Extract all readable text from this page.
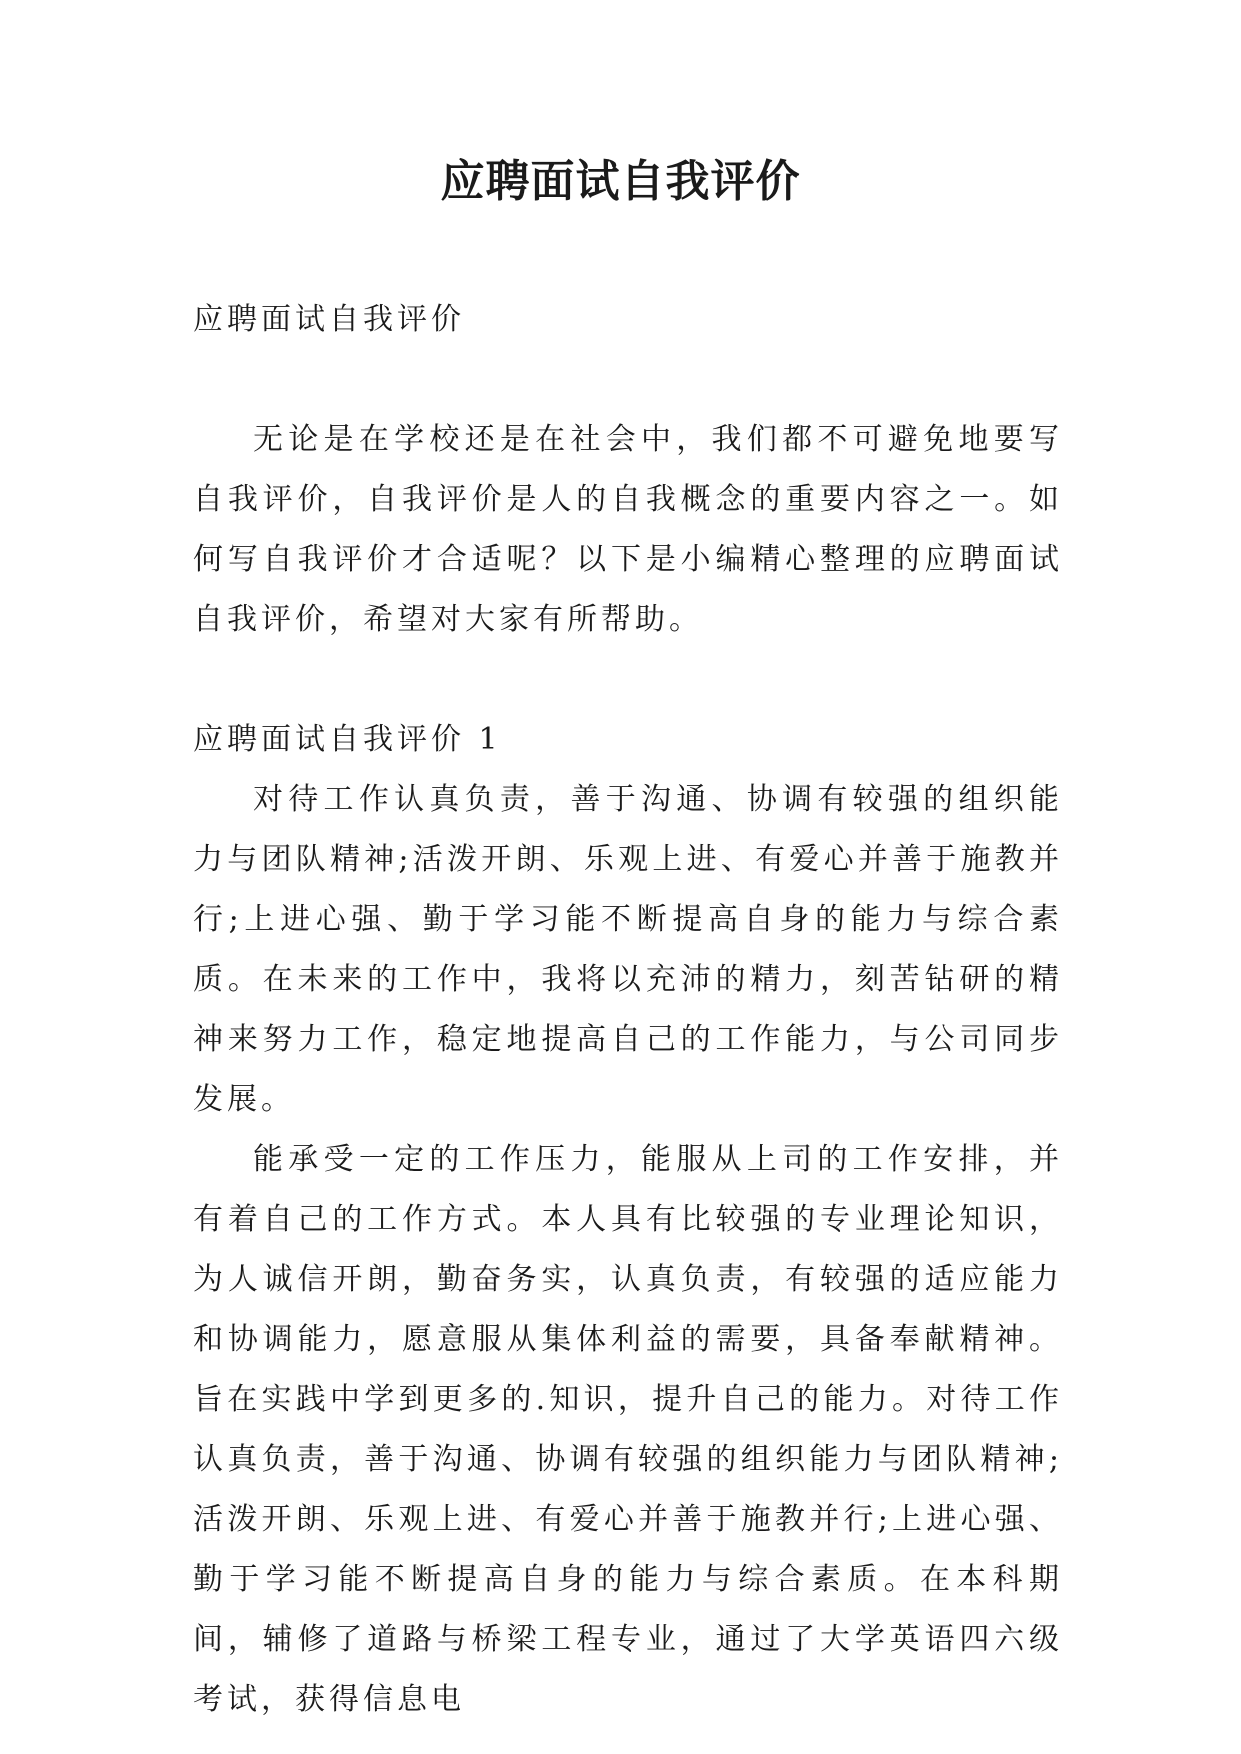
应聘面试自我评价

应聘面试自我评价

无论是在学校还是在社会中，我们都不可避免地要写自我评价，自我评价是人的自我概念的重要内容之一。如何写自我评价才合适呢？以下是小编精心整理的应聘面试自我评价，希望对大家有所帮助。

应聘面试自我评价 1

对待工作认真负责，善于沟通、协调有较强的组织能力与团队精神;活泼开朗、乐观上进、有爱心并善于施教并行;上进心强、勤于学习能不断提高自身的能力与综合素质。在未来的工作中，我将以充沛的精力，刻苦钻研的精神来努力工作，稳定地提高自己的工作能力，与公司同步发展。

能承受一定的工作压力，能服从上司的工作安排，并有着自己的工作方式。本人具有比较强的专业理论知识，为人诚信开朗，勤奋务实，认真负责，有较强的适应能力和协调能力，愿意服从集体利益的需要，具备奉献精神。旨在实践中学到更多的.知识，提升自己的能力。对待工作认真负责，善于沟通、协调有较强的组织能力与团队精神;活泼开朗、乐观上进、有爱心并善于施教并行;上进心强、勤于学习能不断提高自身的能力与综合素质。在本科期间，辅修了道路与桥梁工程专业，通过了大学英语四六级考试，获得信息电
